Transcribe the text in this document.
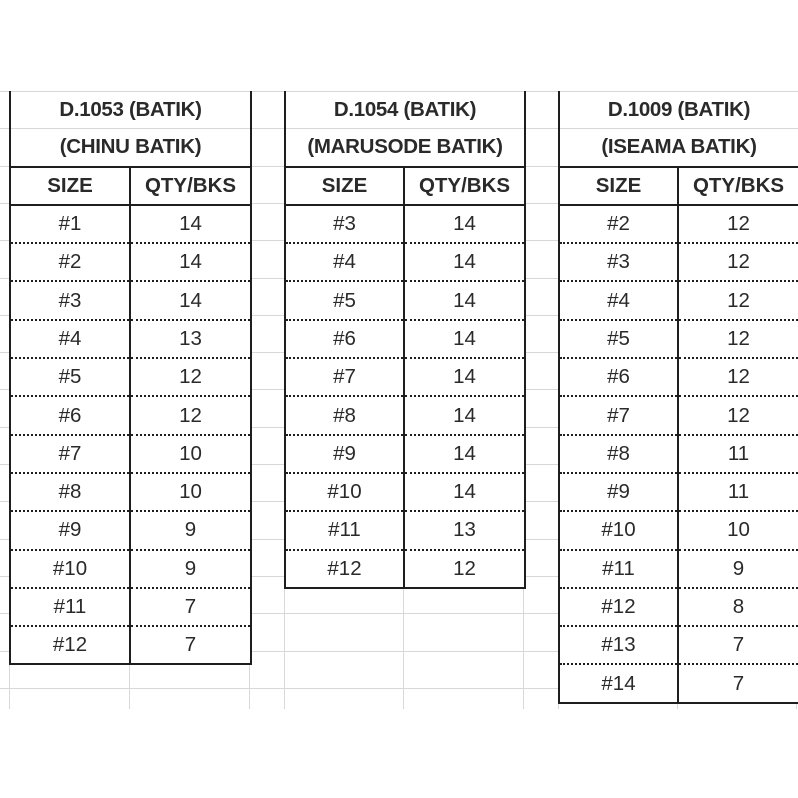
D.1053 (BATIK)	
(CHINU BATIK)	
SIZE	QTY/BKS
#1	14
#2	14
#3	14
#4	13
#5	12
#6	12
#7	10
#8	10
#9	9
#10	9
#11	7
#12	7
D.1054 (BATIK)	
(MARUSODE BATIK)	
SIZE	QTY/BKS
#3	14
#4	14
#5	14
#6	14
#7	14
#8	14
#9	14
#10	14
#11	13
#12	12
D.1009 (BATIK)	
(ISEAMA BATIK)	
SIZE	QTY/BKS
#2	12
#3	12
#4	12
#5	12
#6	12
#7	12
#8	11
#9	11
#10	10
#11	9
#12	8
#13	7
#14	7
